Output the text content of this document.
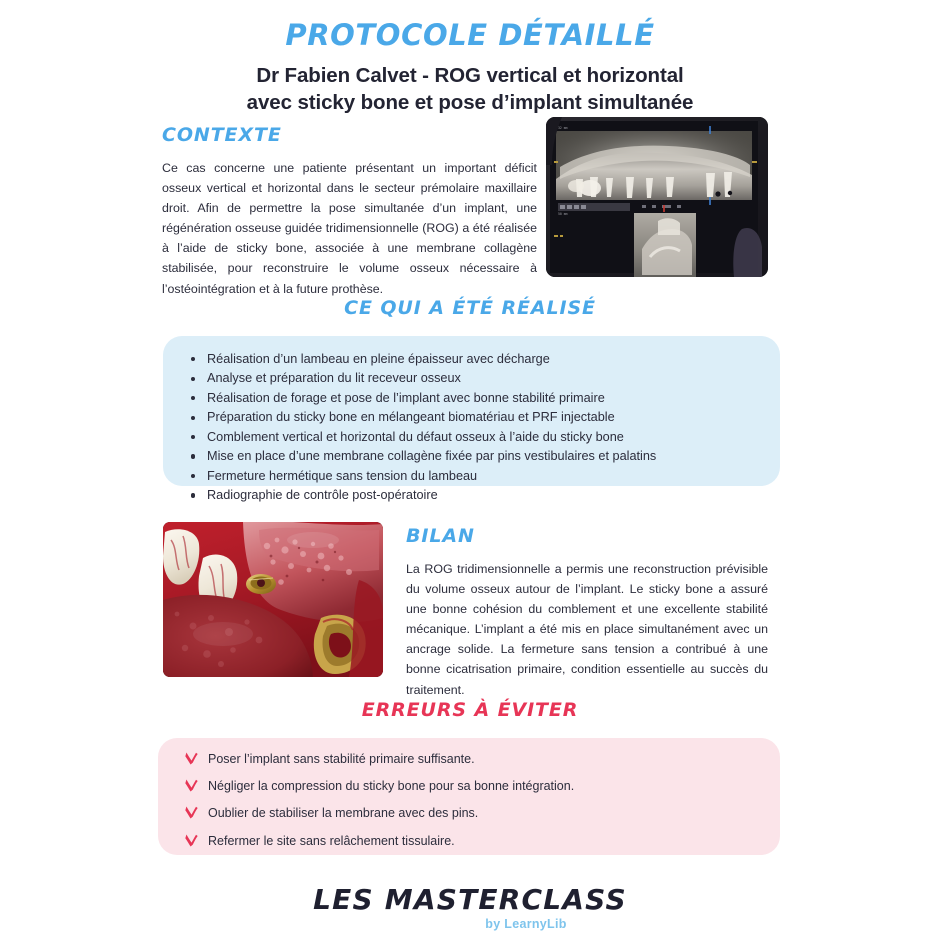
PROTOCOLE DÉTAILLÉ

Dr Fabien Calvet - ROG vertical et horizontal
avec sticky bone et pose d’implant simultanée

CONTEXTE

Ce cas concerne une patiente présentant un important déficit osseux vertical et horizontal dans le secteur prémolaire maxillaire droit. Afin de permettre la pose simultanée d’un implant, une régénération osseuse guidée tridimensionnelle (ROG) a été réalisée à l’aide de sticky bone, associée à une membrane collagène stabilisée, pour reconstruire le volume osseux nécessaire à l’ostéointégration et à la future prothèse.

32 mm
50 mm
CE QUI A ÉTÉ RÉALISÉ
Réalisation d’un lambeau en pleine épaisseur avec décharge
Analyse et préparation du lit receveur osseux
Réalisation de forage et pose de l’implant avec bonne stabilité primaire
Préparation du sticky bone en mélangeant biomatériau et PRF injectable
Comblement vertical et horizontal du défaut osseux à l’aide du sticky bone
Mise en place d’une membrane collagène fixée par pins vestibulaires et palatins
Fermeture hermétique sans tension du lambeau
Radiographie de contrôle post-opératoire
BILAN

La ROG tridimensionnelle a permis une reconstruction prévisible du volume osseux autour de l’implant. Le sticky bone a assuré une bonne cohésion du comblement et une excellente stabilité mécanique. L’implant a été mis en place simultanément avec un ancrage solide. La fermeture sans tension a contribué à une bonne cicatrisation primaire, condition essentielle au succès du traitement.

ERREURS À ÉVITER
Poser l’implant sans stabilité primaire suffisante.
Négliger la compression du sticky bone pour sa bonne intégration.
Oublier de stabiliser la membrane avec des pins.
Refermer le site sans relâchement tissulaire.

LES MASTERCLASS

by LearnyLib
